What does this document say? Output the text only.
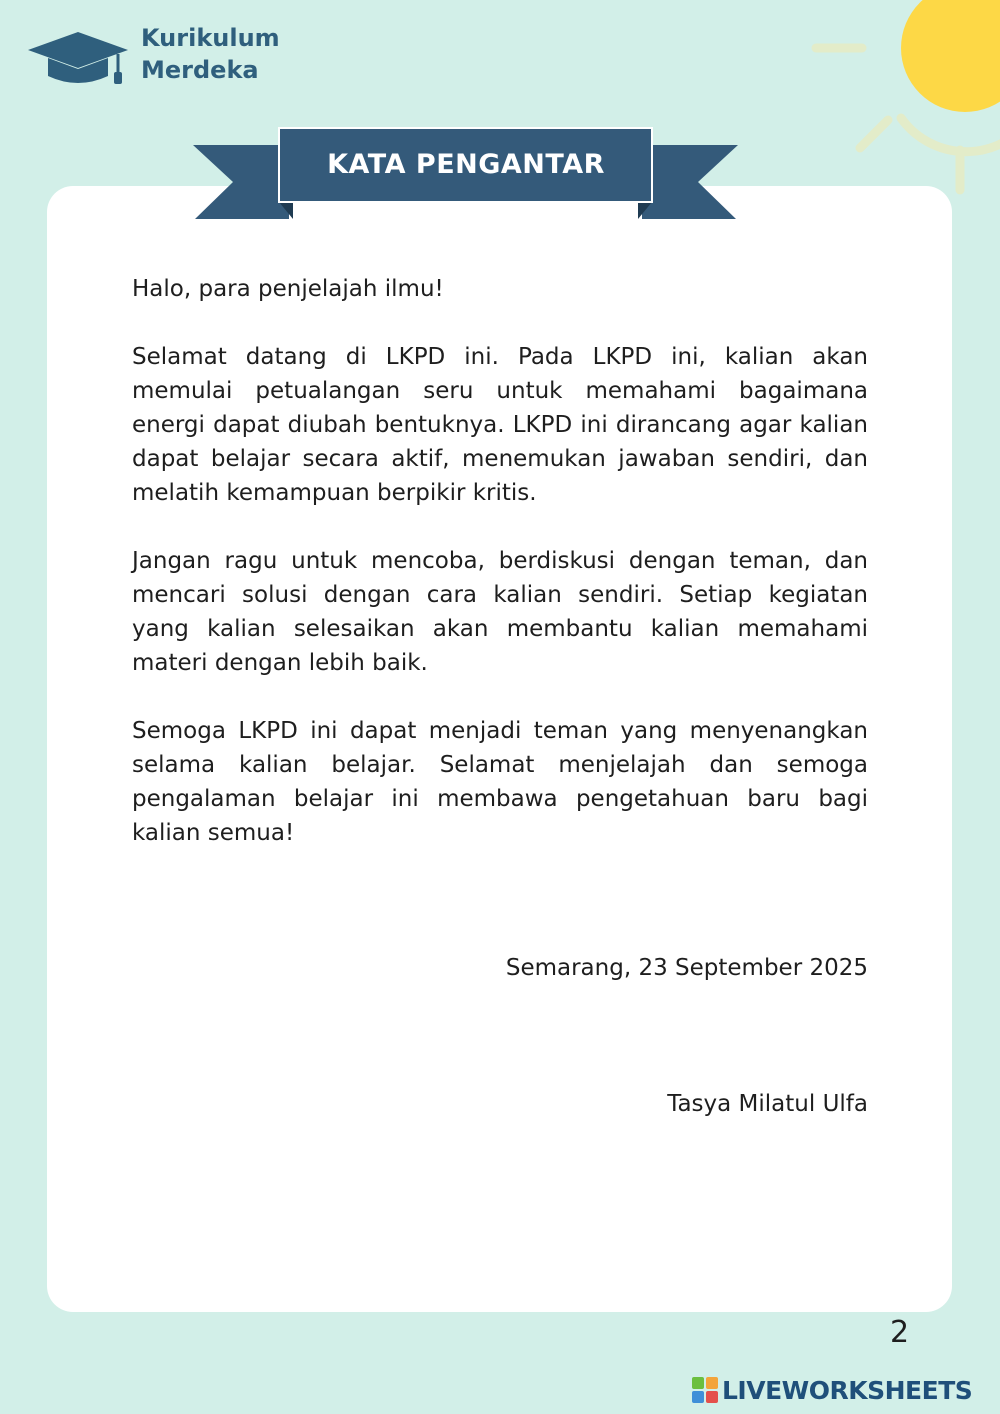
Kurikulum
Merdeka
KATA PENGANTAR

Halo, para penjelajah ilmu!

Selamat datang di LKPD ini. Pada LKPD ini, kalian akan memulai petualangan seru untuk memahami bagaimana energi dapat diubah bentuknya. LKPD ini dirancang agar kalian dapat belajar secara aktif, menemukan jawaban sendiri, dan melatih kemampuan berpikir kritis.

Jangan ragu untuk mencoba, berdiskusi dengan teman, dan mencari solusi dengan cara kalian sendiri. Setiap kegiatan yang kalian selesaikan akan membantu kalian memahami materi dengan lebih baik.

Semoga LKPD ini dapat menjadi teman yang menyenangkan selama kalian belajar. Selamat menjelajah dan semoga pengalaman belajar ini membawa pengetahuan baru bagi kalian semua!

Semarang, 23 September 2025
Tasya Milatul Ulfa
2
LIVEWORKSHEETS
